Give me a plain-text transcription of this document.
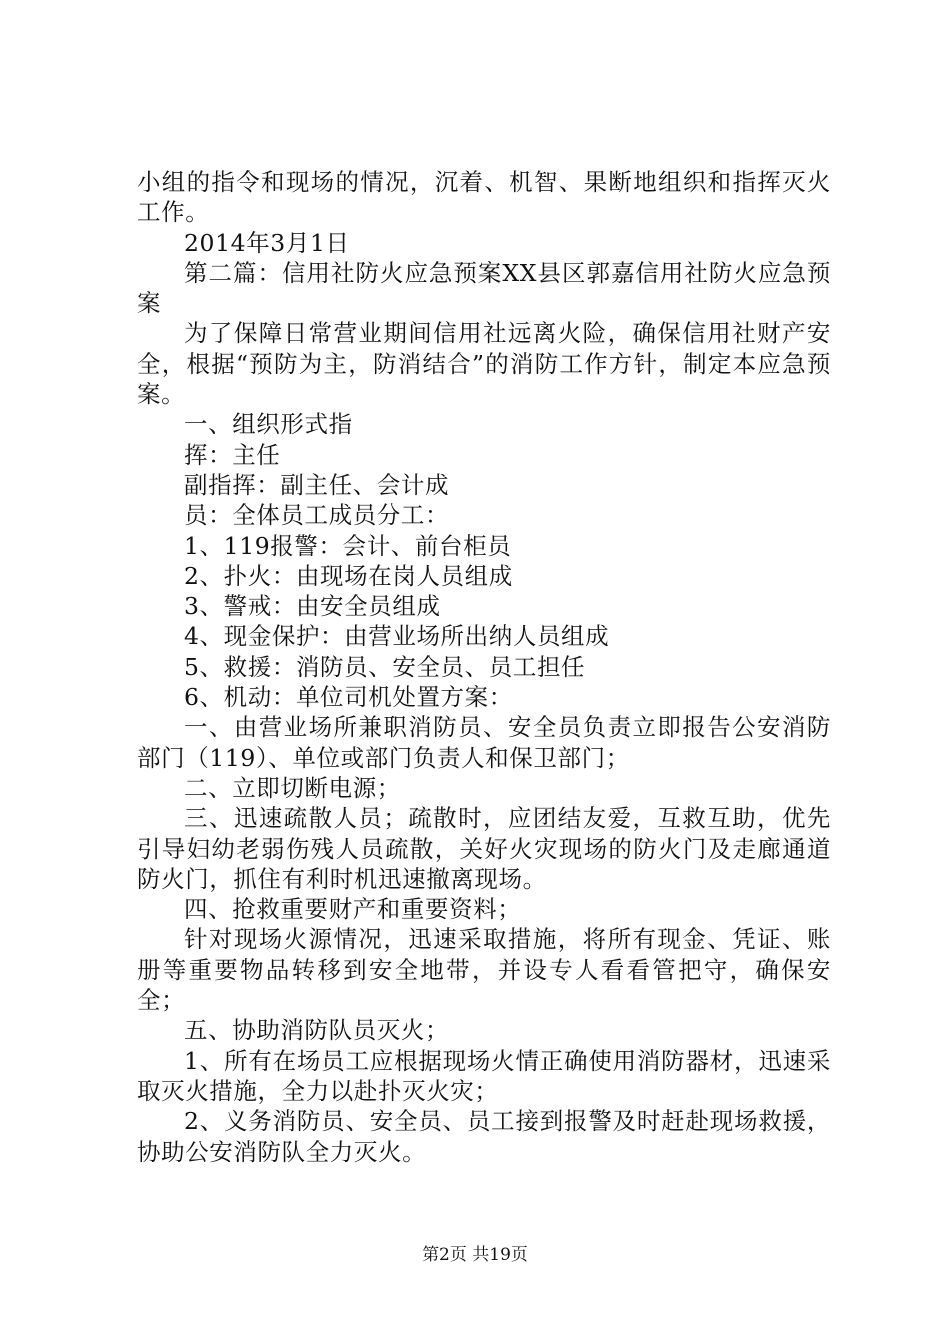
小组的指令和现场的情况，沉着、机智、果断地组织和指挥灭火工作。

2014年3月1日

第二篇：信用社防火应急预案XX县区郭嘉信用社防火应急预案

为了保障日常营业期间信用社远离火险，确保信用社财产安全，根据“预防为主，防消结合”的消防工作方针，制定本应急预案。

一、组织形式指

挥：主任

副指挥：副主任、会计成

员：全体员工成员分工：

1、119报警：会计、前台柜员

2、扑火：由现场在岗人员组成

3、警戒：由安全员组成

4、现金保护：由营业场所出纳人员组成

5、救援：消防员、安全员、员工担任

6、机动：单位司机处置方案：

一、由营业场所兼职消防员、安全员负责立即报告公安消防部门（119）、单位或部门负责人和保卫部门；

二、立即切断电源；

三、迅速疏散人员；疏散时，应团结友爱，互救互助，优先引导妇幼老弱伤残人员疏散，关好火灾现场的防火门及走廊通道防火门，抓住有利时机迅速撤离现场。

四、抢救重要财产和重要资料；

针对现场火源情况，迅速采取措施，将所有现金、凭证、账册等重要物品转移到安全地带，并设专人看看管把守，确保安全；

五、协助消防队员灭火；

1、所有在场员工应根据现场火情正确使用消防器材，迅速采取灭火措施，全力以赴扑灭火灾；

2、义务消防员、安全员、员工接到报警及时赶赴现场救援，协助公安消防队全力灭火。

第2页 共19页
